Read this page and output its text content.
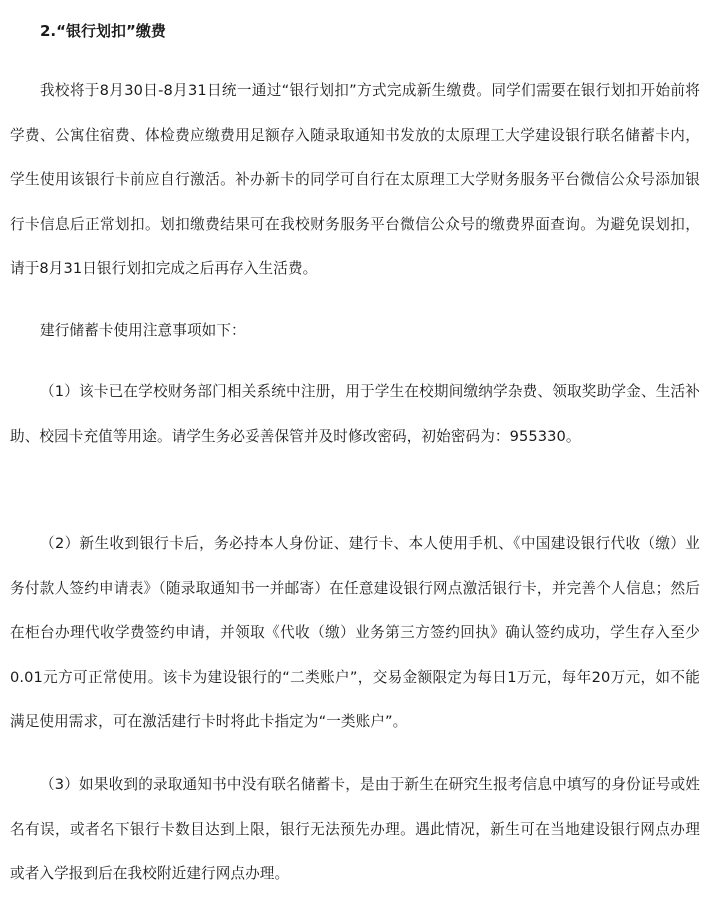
2.“银行划扣”缴费

我校将于8月30日-8月31日统一通过“银行划扣”方式完成新生缴费。同学们需要在银行划扣开始前将学费、公寓住宿费、体检费应缴费用足额存入随录取通知书发放的太原理工大学建设银行联名储蓄卡内，学生使用该银行卡前应自行激活。补办新卡的同学可自行在太原理工大学财务服务平台微信公众号添加银行卡信息后正常划扣。划扣缴费结果可在我校财务服务平台微信公众号的缴费界面查询。为避免误划扣，请于8月31日银行划扣完成之后再存入生活费。

建行储蓄卡使用注意事项如下：

（1）该卡已在学校财务部门相关系统中注册，用于学生在校期间缴纳学杂费、领取奖助学金、生活补助、校园卡充值等用途。请学生务必妥善保管并及时修改密码，初始密码为：955330。

（2）新生收到银行卡后，务必持本人身份证、建行卡、本人使用手机、《中国建设银行代收（缴）业务付款人签约申请表》（随录取通知书一并邮寄）在任意建设银行网点激活银行卡，并完善个人信息；然后在柜台办理代收学费签约申请，并领取《代收（缴）业务第三方签约回执》确认签约成功，学生存入至少0.01元方可正常使用。该卡为建设银行的“二类账户”，交易金额限定为每日1万元，每年20万元，如不能满足使用需求，可在激活建行卡时将此卡指定为“一类账户”。

（3）如果收到的录取通知书中没有联名储蓄卡，是由于新生在研究生报考信息中填写的身份证号或姓名有误，或者名下银行卡数目达到上限，银行无法预先办理。遇此情况，新生可在当地建设银行网点办理或者入学报到后在我校附近建行网点办理。
